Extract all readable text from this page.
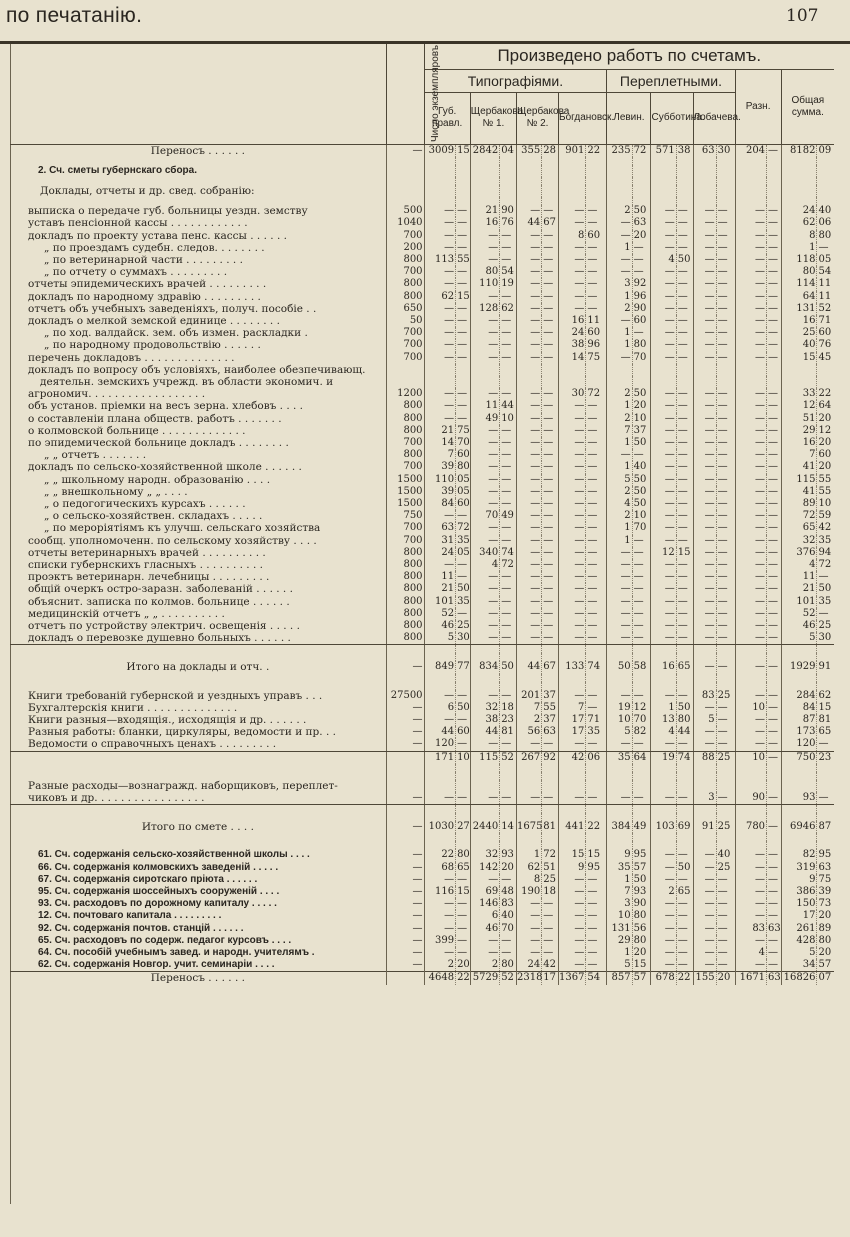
по печатанію.	107
	Число экземпляровъ	Произведено работъ по счетамъ.																	
		Типографіями.								Переплетными.						Разн.		Общая сумма.	
		Губ. правл.		Щербакова № 1.		Щербакова № 2.		Богдановск.		Левин.		Субботина.		Лобачева.					
Переносъ . . . . . .	—	3009	15	2842	04	355	28	901	22	235	72	571	38	63	30	204	—	8182	09

2. Сч. сметы губернскаго сбора.																			

Доклады, отчеты и др. свед. собранію:																			

выписка о передаче губ. больницы уездн. земству	500	—	—	21	90	—	—	—	—	2	50	—	—	—	—	—	—	24	40
уставъ пенсіонной кассы . . . . . . . . . . . .	1040	—	—	16	76	44	67	—	—	—	63	—	—	—	—	—	—	62	06
докладъ по проекту устава пенс. кассы . . . . . .	700	—	—	—	—	—	—	8	60	—	20	—	—	—	—	—	—	8	80
„ по проездамъ судебн. следов. . . . . . . .	200	—	—	—	—	—	—	—	—	1	—	—	—	—	—	—	—	1	—
„ по ветеринарной части . . . . . . . . .	800	113	55	—	—	—	—	—	—	—	—	4	50	—	—	—	—	118	05
„ по отчету о суммахъ . . . . . . . . .	700	—	—	80	54	—	—	—	—	—	—	—	—	—	—	—	—	80	54
отчеты эпидемическихъ врачей . . . . . . . . .	800	—	—	110	19	—	—	—	—	3	92	—	—	—	—	—	—	114	11
докладъ по народному здравію . . . . . . . . .	800	62	15	—	—	—	—	—	—	1	96	—	—	—	—	—	—	64	11
отчетъ объ учебныхъ заведеніяхъ, получ. пособіе . .	650	—	—	128	62	—	—	—	—	2	90	—	—	—	—	—	—	131	52
докладъ о мелкой земской единице . . . . . . . .	50	—	—	—	—	—	—	16	11	—	60	—	—	—	—	—	—	16	71
„ по ход. валдайск. зем. объ измен. раскладки .	700	—	—	—	—	—	—	24	60	1	—	—	—	—	—	—	—	25	60
„ по народному продовольствію . . . . . .	700	—	—	—	—	—	—	38	96	1	80	—	—	—	—	—	—	40	76
перечень докладовъ . . . . . . . . . . . . . .	700	—	—	—	—	—	—	14	75	—	70	—	—	—	—	—	—	15	45
докладъ по вопросу объ условіяхъ, наиболее обезпечивающ.																			
деятельн. земскихъ учрежд. въ области экономич. и																			
агрономич. . . . . . . . . . . . . . . . . .	1200	—	—	—	—	—	—	30	72	2	50	—	—	—	—	—	—	33	22
объ установ. пріемки на весъ зерна. хлебовъ . . . .	800	—	—	11	44	—	—	—	—	1	20	—	—	—	—	—	—	12	64
о составленіи плана обществ. работъ . . . . . . .	800	—	—	49	10	—	—	—	—	2	10	—	—	—	—	—	—	51	20
о колмовской больнице . . . . . . . . . . . . .	800	21	75	—	—	—	—	—	—	7	37	—	—	—	—	—	—	29	12
по эпидемической больнице докладъ . . . . . . . .	700	14	70	—	—	—	—	—	—	1	50	—	—	—	—	—	—	16	20
„ „ отчетъ . . . . . . .	800	7	60	—	—	—	—	—	—	—	—	—	—	—	—	—	—	7	60
докладъ по сельско-хозяйственной школе . . . . . .	700	39	80	—	—	—	—	—	—	1	40	—	—	—	—	—	—	41	20
„ „ школьному народн. образованію . . . .	1500	110	05	—	—	—	—	—	—	5	50	—	—	—	—	—	—	115	55
„ „ внешкольному „ „ . . . .	1500	39	05	—	—	—	—	—	—	2	50	—	—	—	—	—	—	41	55
„ о педогогическихъ курсахъ . . . . . .	1500	84	60	—	—	—	—	—	—	4	50	—	—	—	—	—	—	89	10
„ о сельско-хозяйствен. складахъ . . . . .	750	—	—	70	49	—	—	—	—	2	10	—	—	—	—	—	—	72	59
„ по мероріятіямъ къ улучш. сельскаго хозяйства	700	63	72	—	—	—	—	—	—	1	70	—	—	—	—	—	—	65	42
сообщ. уполномоченн. по сельскому хозяйству . . . .	700	31	35	—	—	—	—	—	—	1	—	—	—	—	—	—	—	32	35
отчеты ветеринарныхъ врачей . . . . . . . . . .	800	24	05	340	74	—	—	—	—	—	—	12	15	—	—	—	—	376	94
списки губернскихъ гласныхъ . . . . . . . . . .	800	—	—	4	72	—	—	—	—	—	—	—	—	—	—	—	—	4	72
проэктъ ветеринарн. лечебницы . . . . . . . . .	800	11	—	—	—	—	—	—	—	—	—	—	—	—	—	—	—	11	—
общій очеркъ остро-заразн. заболеваній . . . . . .	800	21	50	—	—	—	—	—	—	—	—	—	—	—	—	—	—	21	50
объяснит. записка по колмов. больнице . . . . . .	800	101	35	—	—	—	—	—	—	—	—	—	—	—	—	—	—	101	35
медицинскій отчетъ „ „ . . . . . . . . . .	800	52	—	—	—	—	—	—	—	—	—	—	—	—	—	—	—	52	—
отчетъ по устройству электрич. освещенія . . . . .	800	46	25	—	—	—	—	—	—	—	—	—	—	—	—	—	—	46	25
докладъ о перевозке душевно больныхъ . . . . . .	800	5	30	—	—	—	—	—	—	—	—	—	—	—	—	—	—	5	30

Итого на доклады и отч. .	—	849	77	834	50	44	67	133	74	50	58	16	65	—	—	—	—	1929	91

Книги требованій губернской и уездныхъ управъ . . .	27500	—	—	—	—	201	37	—	—	—	—	—	—	83	25	—	—	284	62
Бухгалтерскія книги . . . . . . . . . . . . . .	—	6	50	32	18	7	55	7	—	19	12	1	50	—	—	10	—	84	15
Книги разныя—входящія., исходящія и др. . . . . . .	—	—	—	38	23	2	37	17	71	10	70	13	80	5	—	—	—	87	81
Разныя работы: бланки, циркуляры, ведомости и пр. . .	—	44	60	44	81	56	63	17	35	5	82	4	44	—	—	—	—	173	65
Ведомости о справочныхъ ценахъ . . . . . . . . .	—	120	—	—	—	—	—	—	—	—	—	—	—	—	—	—	—	120	—
		171	10	115	52	267	92	42	06	35	64	19	74	88	25	10	—	750	23

Разные расходы—вознагражд. наборщиковъ, переплет-																			
чиковъ и др. . . . . . . . . . . . . . . . .	—	—	—	—	—	—	—	—	—	—	—	—	—	3	—	90	—	93	—

Итого по смете . . . .	—	1030	27	2440	14	1675	81	441	22	384	49	103	69	91	25	780	—	6946	87

61. Сч. содержанія сельско-хозяйственной школы . . . .	—	22	80	32	93	1	72	15	15	9	95	—	—	—	40	—	—	82	95
66. Сч. содержанія колмовскихъ заведеній . . . . .	—	68	65	142	20	62	51	9	95	35	57	—	50	—	25	—	—	319	63
67. Сч. содержанія сиротскаго пріюта . . . . . .	—	—	—	—	—	8	25	—	—	1	50	—	—	—	—	—	—	9	75
95. Сч. содержанія шоссейныхъ сооруженій . . . .	—	116	15	69	48	190	18	—	—	7	93	2	65	—	—	—	—	386	39
93. Сч. расходовъ по дорожному капиталу . . . . .	—	—	—	146	83	—	—	—	—	3	90	—	—	—	—	—	—	150	73
12. Сч. почтоваго капитала . . . . . . . . .	—	—	—	6	40	—	—	—	—	10	80	—	—	—	—	—	—	17	20
92. Сч. содержанія почтов. станцій . . . . . .	—	—	—	46	70	—	—	—	—	131	56	—	—	—	—	83	63	261	89
65. Сч. расходовъ по содерж. педагог курсовъ . . . .	—	399	—	—	—	—	—	—	—	29	80	—	—	—	—	—	—	428	80
64. Сч. пособій учебнымъ завед. и народн. учителямъ .	—	—	—	—	—	—	—	—	—	1	20	—	—	—	—	4	—	5	20
62. Сч. содержанія Новгор. учит. семинаріи . . . .	—	2	20	2	80	24	42	—	—	5	15	—	—	—	—	—	—	34	57
Переносъ . . . . . .		4648	22	5729	52	2318	17	1367	54	857	57	678	22	155	20	1671	63	16826	07
